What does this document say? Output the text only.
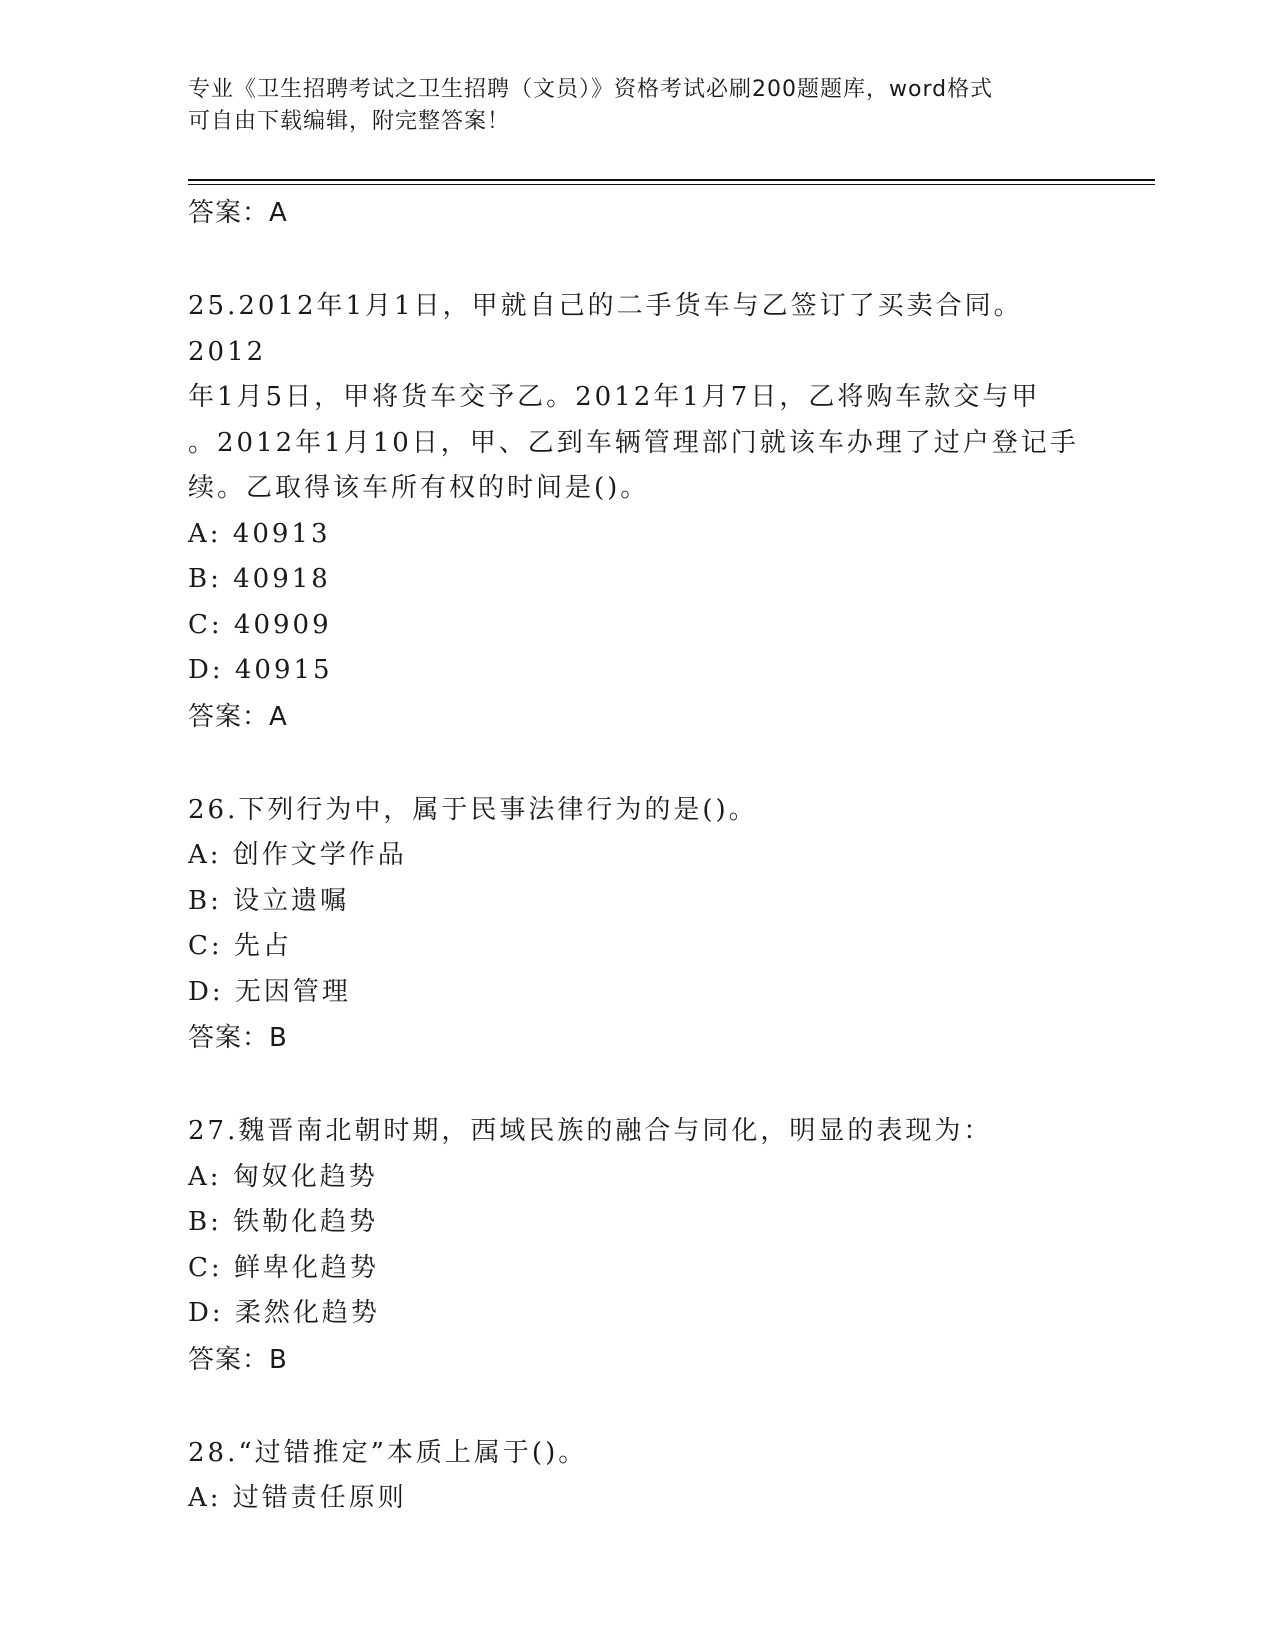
专业《卫生招聘考试之卫生招聘（文员）》资格考试必刷200题题库，word格式
可自由下载编辑，附完整答案！
答案：A
25.2012年1月1日，甲就自己的二手货车与乙签订了买卖合同。2012
年1月5日，甲将货车交予乙。2012年1月7日，乙将购车款交与甲
。2012年1月10日，甲、乙到车辆管理部门就该车办理了过户登记手
续。乙取得该车所有权的时间是()。
A: 40913
B: 40918
C: 40909
D: 40915
答案：A
26.下列行为中，属于民事法律行为的是()。
A: 创作文学作品
B: 设立遗嘱
C: 先占
D: 无因管理
答案：B
27.魏晋南北朝时期，西域民族的融合与同化，明显的表现为：
A: 匈奴化趋势
B: 铁勒化趋势
C: 鲜卑化趋势
D: 柔然化趋势
答案：B
28.“过错推定”本质上属于()。
A: 过错责任原则
